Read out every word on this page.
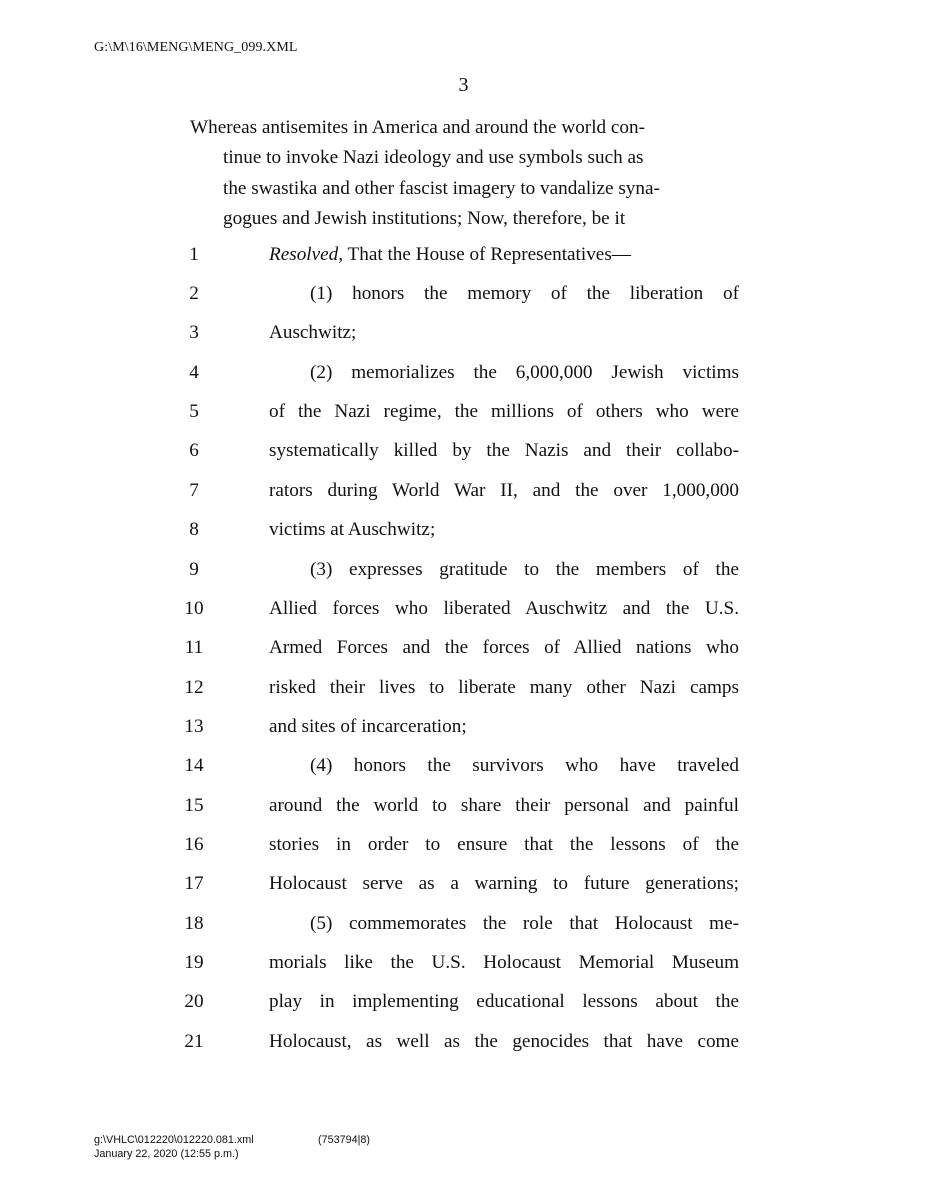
G:\M\16\MENG\MENG_099.XML
3
Whereas antisemites in America and around the world con-
tinue to invoke Nazi ideology and use symbols such as
the swastika and other fascist imagery to vandalize syna-
gogues and Jewish institutions; Now, therefore, be it
1
2
3
4
5
6
7
8
9
10
11
12
13
14
15
16
17
18
19
20
21
Resolved, That the House of Representatives—
(1) honors the memory of the liberation of
Auschwitz;
(2) memorializes the 6,000,000 Jewish victims
of the Nazi regime, the millions of others who were
systematically killed by the Nazis and their collabo-
rators during World War II, and the over 1,000,000
victims at Auschwitz;
(3) expresses gratitude to the members of the
Allied forces who liberated Auschwitz and the U.S.
Armed Forces and the forces of Allied nations who
risked their lives to liberate many other Nazi camps
and sites of incarceration;
(4) honors the survivors who have traveled
around the world to share their personal and painful
stories in order to ensure that the lessons of the
Holocaust serve as a warning to future generations;
(5) commemorates the role that Holocaust me-
morials like the U.S. Holocaust Memorial Museum
play in implementing educational lessons about the
Holocaust, as well as the genocides that have come
g:\VHLC\012220\012220.081.xml	(753794|8)
January 22, 2020 (12:55 p.m.)
